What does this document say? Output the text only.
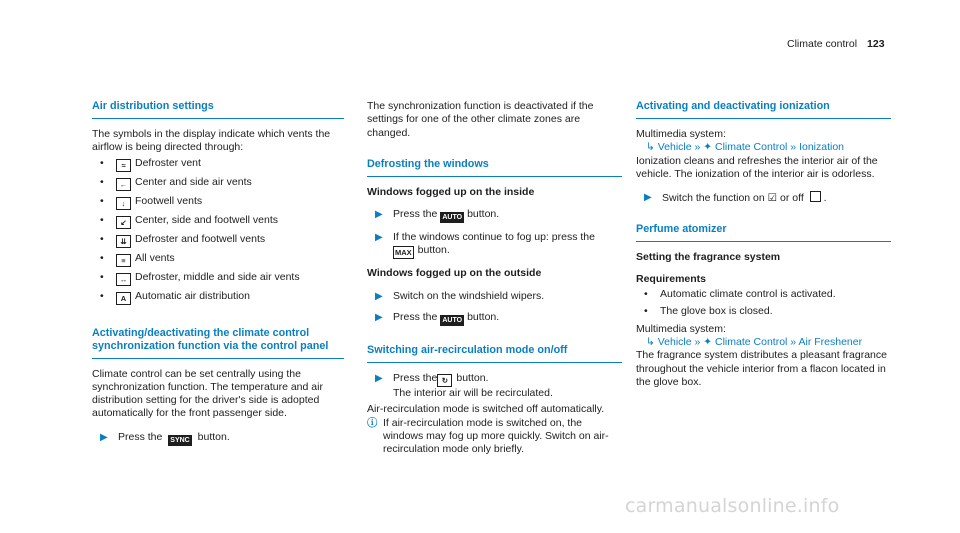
Climate control 123
Air distribution settings

The symbols in the display indicate which vents the airflow is being directed through:

• ≈ Defroster vent
• ← Center and side air vents
• ↓ Footwell vents
• ↙ Center, side and footwell vents
• ⇊ Defroster and footwell vents
• ≡ All vents
• ↔ Defroster, middle and side air vents
• A Automatic air distribution
Activating/deactivating the climate control synchronization function via the control panel

Climate control can be set centrally using the synchronization function. The temperature and air distribution setting for the driver's side is adopted automatically for the front passenger side.

▶ Press the SYNC button.

The synchronization function is deactivated if the settings for one of the other climate zones are changed.

Defrosting the windows
Windows fogged up on the inside
▶ Press the AUTO button.
▶ If the windows continue to fog up: press the
MAX button.
Windows fogged up on the outside
▶ Switch on the windshield wipers.
▶ Press the AUTO button.
Switching air-recirculation mode on/off
▶ Press the ↻ button.
The interior air will be recirculated.

Air-recirculation mode is switched off automatically.

ⓘ If air-recirculation mode is switched on, the windows may fog up more quickly. Switch on air-recirculation mode only briefly.
Activating and deactivating ionization

Multimedia system:

↳ Vehicle » ✦ Climate Control » Ionization

Ionization cleans and refreshes the interior air of the vehicle. The ionization of the interior air is odorless.

▶ Switch the function on ☑ or off .
Perfume atomizer
Setting the fragrance system
Requirements
• Automatic climate control is activated.
• The glove box is closed.

Multimedia system:

↳ Vehicle » ✦ Climate Control » Air Freshener

The fragrance system distributes a pleasant fragrance throughout the vehicle interior from a flacon located in the glove box.

carmanualsonline.info
